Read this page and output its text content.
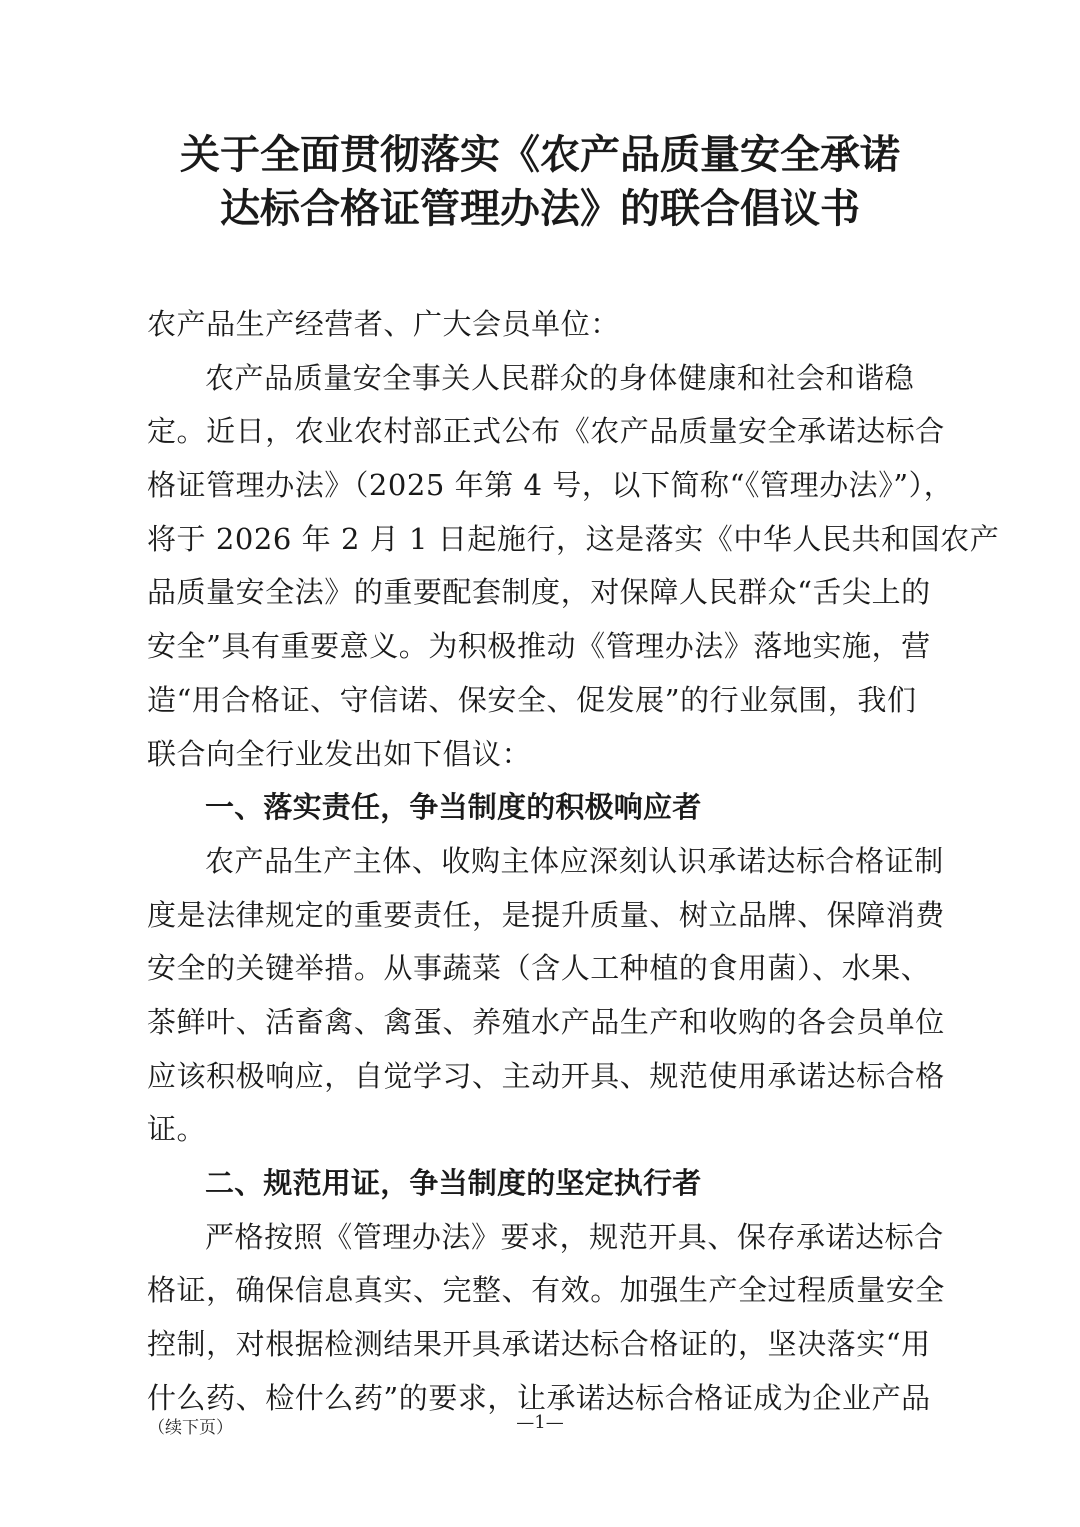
关于全面贯彻落实《农产品质量安全承诺
达标合格证管理办法》的联合倡议书
农产品生产经营者、广大会员单位：
农产品质量安全事关人民群众的身体健康和社会和谐稳
定。近日，农业农村部正式公布《农产品质量安全承诺达标合
格证管理办法》（2025 年第 4 号，以下简称“《管理办法》”），
将于 2026 年 2 月 1 日起施行，这是落实《中华人民共和国农产
品质量安全法》的重要配套制度，对保障人民群众“舌尖上的
安全”具有重要意义。为积极推动《管理办法》落地实施，营
造“用合格证、守信诺、保安全、促发展”的行业氛围，我们
联合向全行业发出如下倡议：
一、落实责任，争当制度的积极响应者
农产品生产主体、收购主体应深刻认识承诺达标合格证制
度是法律规定的重要责任，是提升质量、树立品牌、保障消费
安全的关键举措。从事蔬菜（含人工种植的食用菌）、水果、
茶鲜叶、活畜禽、禽蛋、养殖水产品生产和收购的各会员单位
应该积极响应，自觉学习、主动开具、规范使用承诺达标合格
证。
二、规范用证，争当制度的坚定执行者
严格按照《管理办法》要求，规范开具、保存承诺达标合
格证，确保信息真实、完整、有效。加强生产全过程质量安全
控制，对根据检测结果开具承诺达标合格证的，坚决落实“用
什么药、检什么药”的要求，让承诺达标合格证成为企业产品
（续下页）	—1—
